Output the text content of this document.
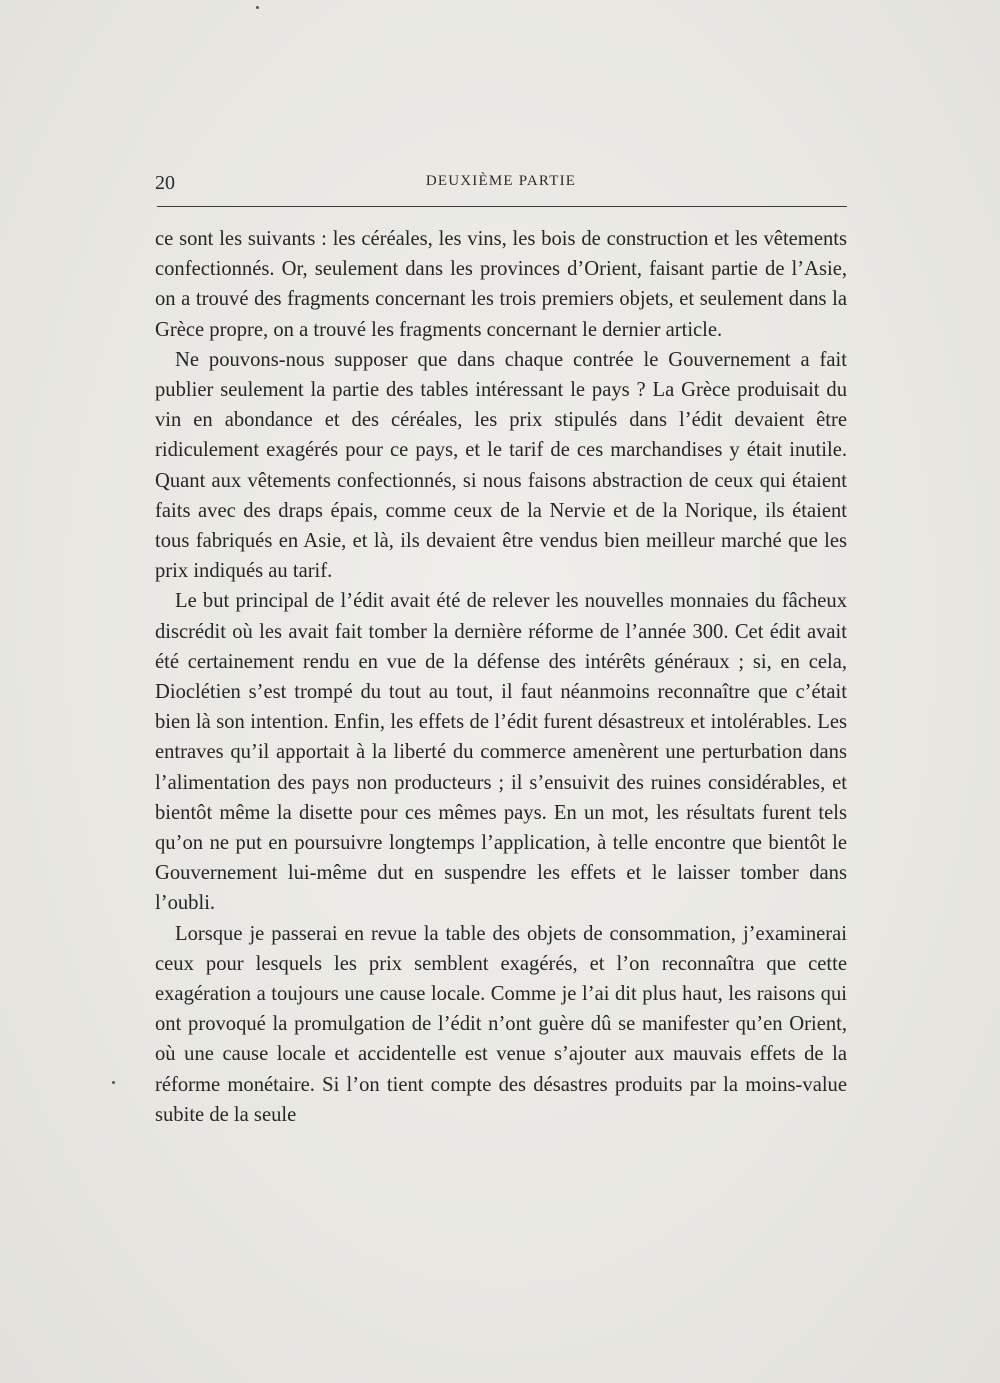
20	DEUXIÈME PARTIE

ce sont les suivants : les céréales, les vins, les bois de construction et les vêtements confectionnés. Or, seulement dans les provinces d’Orient, faisant partie de l’Asie, on a trouvé des fragments concernant les trois premiers objets, et seulement dans la Grèce propre, on a trouvé les fragments concernant le dernier article.

Ne pouvons-nous supposer que dans chaque contrée le Gouvernement a fait publier seulement la partie des tables intéressant le pays ? La Grèce produisait du vin en abondance et des céréales, les prix stipulés dans l’édit devaient être ridiculement exagérés pour ce pays, et le tarif de ces marchandises y était inutile. Quant aux vêtements confectionnés, si nous faisons abstraction de ceux qui étaient faits avec des draps épais, comme ceux de la Nervie et de la Norique, ils étaient tous fabriqués en Asie, et là, ils devaient être vendus bien meilleur marché que les prix indiqués au tarif.

Le but principal de l’édit avait été de relever les nouvelles monnaies du fâcheux discrédit où les avait fait tomber la dernière réforme de l’année 300. Cet édit avait été certainement rendu en vue de la défense des intérêts généraux ; si, en cela, Dioclétien s’est trompé du tout au tout, il faut néanmoins reconnaître que c’était bien là son intention. Enfin, les effets de l’édit furent désastreux et intolérables. Les entraves qu’il apportait à la liberté du commerce amenèrent une perturbation dans l’alimentation des pays non producteurs ; il s’ensuivit des ruines considérables, et bientôt même la disette pour ces mêmes pays. En un mot, les résultats furent tels qu’on ne put en poursuivre longtemps l’application, à telle encontre que bientôt le Gouvernement lui-même dut en suspendre les effets et le laisser tomber dans l’oubli.

Lorsque je passerai en revue la table des objets de consommation, j’examinerai ceux pour lesquels les prix semblent exagérés, et l’on reconnaîtra que cette exagération a toujours une cause locale. Comme je l’ai dit plus haut, les raisons qui ont provoqué la promulgation de l’édit n’ont guère dû se manifester qu’en Orient, où une cause locale et accidentelle est venue s’ajouter aux mauvais effets de la réforme monétaire. Si l’on tient compte des désastres produits par la moins-value subite de la seule
